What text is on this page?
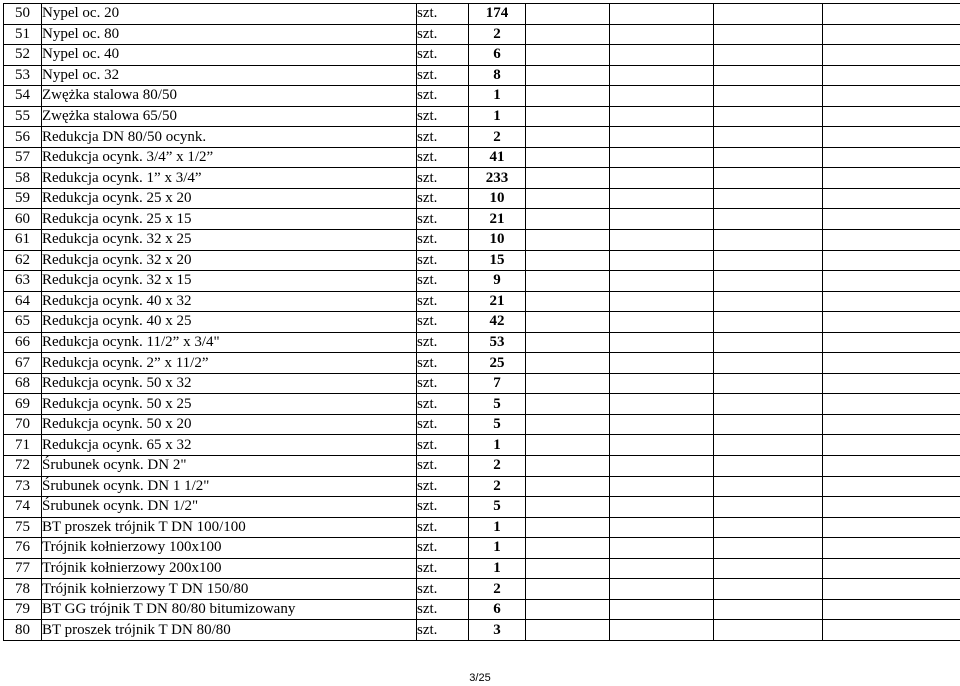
50	Nypel oc. 20	szt.	174				
51	Nypel oc. 80	szt.	2				
52	Nypel oc. 40	szt.	6				
53	Nypel oc. 32	szt.	8				
54	Zwężka stalowa 80/50	szt.	1				
55	Zwężka stalowa 65/50	szt.	1				
56	Redukcja DN 80/50 ocynk.	szt.	2				
57	Redukcja ocynk. 3/4” x 1/2”	szt.	41				
58	Redukcja ocynk. 1” x 3/4”	szt.	233				
59	Redukcja ocynk. 25 x 20	szt.	10				
60	Redukcja ocynk. 25 x 15	szt.	21				
61	Redukcja ocynk. 32 x 25	szt.	10				
62	Redukcja ocynk. 32 x 20	szt.	15				
63	Redukcja ocynk. 32 x 15	szt.	9				
64	Redukcja ocynk. 40 x 32	szt.	21				
65	Redukcja ocynk. 40 x 25	szt.	42				
66	Redukcja ocynk. 11/2” x 3/4"	szt.	53				
67	Redukcja ocynk. 2” x 11/2”	szt.	25				
68	Redukcja ocynk. 50 x 32	szt.	7				
69	Redukcja ocynk. 50 x 25	szt.	5				
70	Redukcja ocynk. 50 x 20	szt.	5				
71	Redukcja ocynk. 65 x 32	szt.	1				
72	Śrubunek ocynk. DN 2"	szt.	2				
73	Śrubunek ocynk. DN 1 1/2"	szt.	2				
74	Śrubunek ocynk. DN 1/2"	szt.	5				
75	BT proszek trójnik T DN 100/100	szt.	1				
76	Trójnik kołnierzowy 100x100	szt.	1				
77	Trójnik kołnierzowy 200x100	szt.	1				
78	Trójnik kołnierzowy T DN 150/80	szt.	2				
79	BT GG trójnik T DN 80/80 bitumizowany	szt.	6				
80	BT proszek trójnik T DN 80/80	szt.	3				
3/25
